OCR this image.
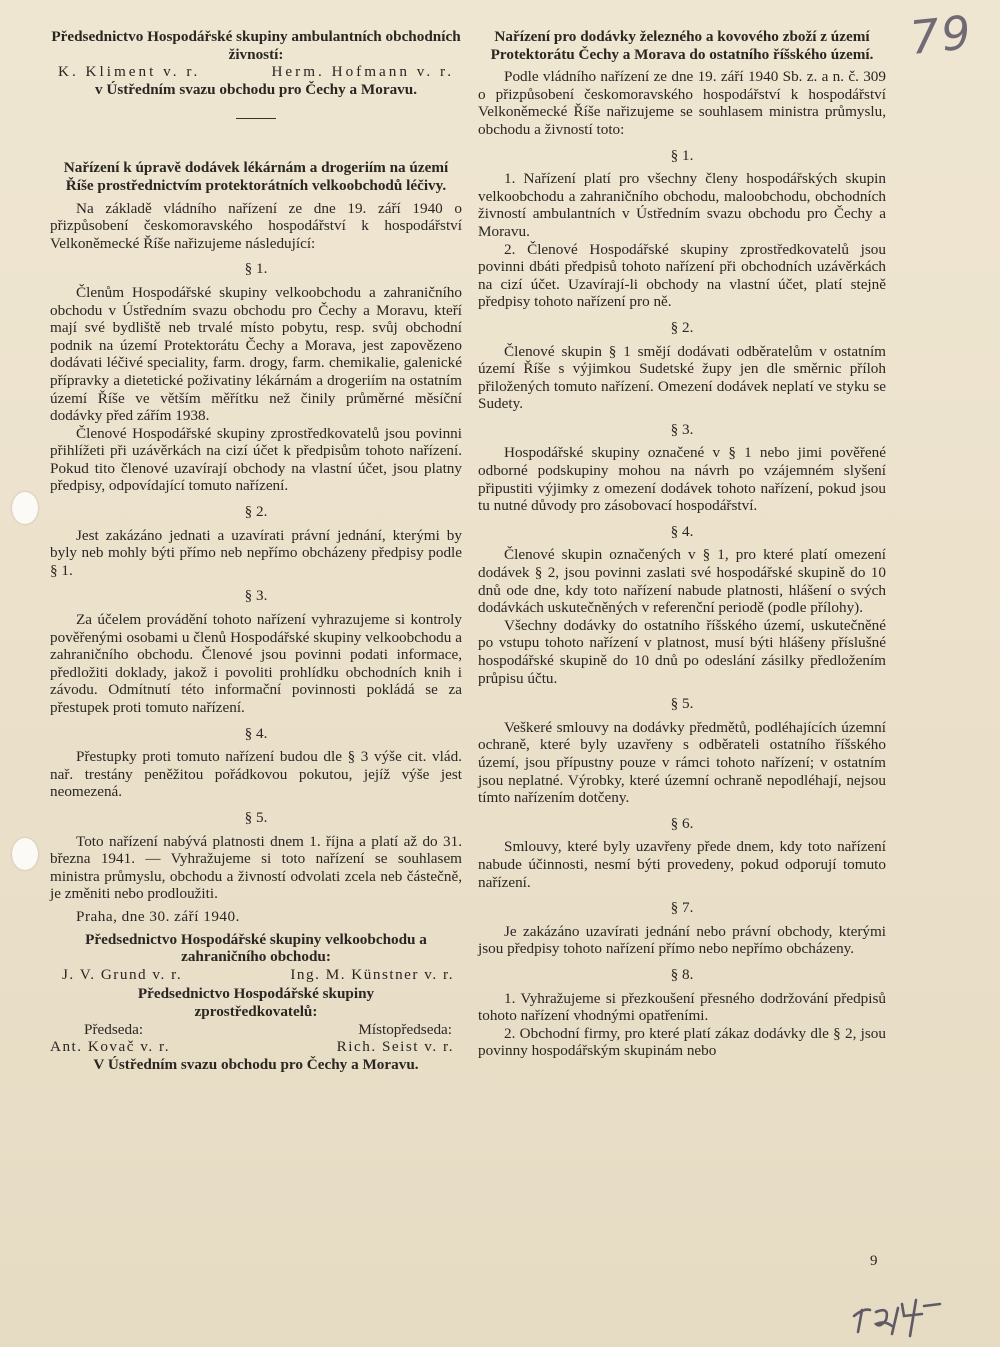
79

Předsednictvo Hospodářské skupiny ambulantních obchodních živností:

K. Kliment v. r.	Herm. Hofmann v. r.

v Ústředním svazu obchodu pro Čechy a Moravu.

Nařízení k úpravě dodávek lékárnám a drogeriím na území Říše prostřednictvím protektorátních velkoobchodů léčivy.

Na základě vládního nařízení ze dne 19. září 1940 o přizpůsobení českomoravského hospodářství k hospodářství Velkoněmecké Říše nařizujeme následující:

§ 1.

Členům Hospodářské skupiny velkoobchodu a zahraničního obchodu v Ústředním svazu obchodu pro Čechy a Moravu, kteří mají své bydliště neb trvalé místo pobytu, resp. svůj obchodní podnik na území Protektorátu Čechy a Morava, jest zapovězeno dodávati léčivé speciality, farm. drogy, farm. chemikalie, galenické přípravky a dietetické poživatiny lékárnám a drogeriím na ostatním území Říše ve větším měřítku než činily průměrné měsíční dodávky před zářím 1938.

Členové Hospodářské skupiny zprostředkovatelů jsou povinni přihlížeti při uzávěrkách na cizí účet k předpisům tohoto nařízení. Pokud tito členové uzavírají obchody na vlastní účet, jsou platny předpisy, odpovídající tomuto nařízení.

§ 2.

Jest zakázáno jednati a uzavírati právní jednání, kterými by byly neb mohly býti přímo neb nepřímo obcházeny předpisy podle § 1.

§ 3.

Za účelem provádění tohoto nařízení vyhrazujeme si kontroly pověřenými osobami u členů Hospodářské skupiny velkoobchodu a zahraničního obchodu. Členové jsou povinni podati informace, předložiti doklady, jakož i povoliti prohlídku obchodních knih i závodu. Odmítnutí této informační povinnosti pokládá se za přestupek proti tomuto nařízení.

§ 4.

Přestupky proti tomuto nařízení budou dle § 3 výše cit. vlád. nař. trestány peněžitou pořádkovou pokutou, jejíž výše jest neomezená.

§ 5.

Toto nařízení nabývá platnosti dnem 1. října a platí až do 31. března 1941. — Vyhražujeme si toto nařízení se souhlasem ministra průmyslu, obchodu a živností odvolati zcela neb částečně, je změniti nebo prodloužiti.

Praha, dne 30. září 1940.

Předsednictvo Hospodářské skupiny velkoobchodu a zahraničního obchodu:

J. V. Grund v. r.	Ing. M. Künstner v. r.

Předsednictvo Hospodářské skupiny zprostředkovatelů:

Předseda:	Místopředseda:
Ant. Kovač v. r.	Rich. Seist v. r.

V Ústředním svazu obchodu pro Čechy a Moravu.

Nařízení pro dodávky železného a kovového zboží z území Protektorátu Čechy a Morava do ostatního říšského území.

Podle vládního nařízení ze dne 19. září 1940 Sb. z. a n. č. 309 o přizpůsobení českomoravského hospodářství k hospodářství Velkoněmecké Říše nařizujeme se souhlasem ministra průmyslu, obchodu a živností toto:

§ 1.

1. Nařízení platí pro všechny členy hospodářských skupin velkoobchodu a zahraničního obchodu, maloobchodu, obchodních živností ambulantních v Ústředním svazu obchodu pro Čechy a Moravu.

2. Členové Hospodářské skupiny zprostředkovatelů jsou povinni dbáti předpisů tohoto nařízení při obchodních uzávěrkách na cizí účet. Uzavírají-li obchody na vlastní účet, platí stejně předpisy tohoto nařízení pro ně.

§ 2.

Členové skupin § 1 smějí dodávati odběratelům v ostatním území Říše s výjimkou Sudetské župy jen dle směrnic příloh přiložených tomuto nařízení. Omezení dodávek neplatí ve styku se Sudety.

§ 3.

Hospodářské skupiny označené v § 1 nebo jimi pověřené odborné podskupiny mohou na návrh po vzájemném slyšení připustiti výjimky z omezení dodávek tohoto nařízení, pokud jsou tu nutné důvody pro zásobovací hospodářství.

§ 4.

Členové skupin označených v § 1, pro které platí omezení dodávek § 2, jsou povinni zaslati své hospodářské skupině do 10 dnů ode dne, kdy toto nařízení nabude platnosti, hlášení o svých dodávkách uskutečněných v referenční periodě (podle přílohy).

Všechny dodávky do ostatního říšského území, uskutečněné po vstupu tohoto nařízení v platnost, musí býti hlášeny příslušné hospodářské skupině do 10 dnů po odeslání zásilky předložením průpisu účtu.

§ 5.

Veškeré smlouvy na dodávky předmětů, podléhajících územní ochraně, které byly uzavřeny s odběrateli ostatního říšského území, jsou přípustny pouze v rámci tohoto nařízení; v ostatním jsou neplatné. Výrobky, které územní ochraně nepodléhají, nejsou tímto nařízením dotčeny.

§ 6.

Smlouvy, které byly uzavřeny přede dnem, kdy toto nařízení nabude účinnosti, nesmí býti provedeny, pokud odporují tomuto nařízení.

§ 7.

Je zakázáno uzavírati jednání nebo právní obchody, kterými jsou předpisy tohoto nařízení přímo nebo nepřímo obcházeny.

§ 8.

1. Vyhražujeme si přezkoušení přesného dodržování předpisů tohoto nařízení vhodnými opatřeními.

2. Obchodní firmy, pro které platí zákaz dodávky dle § 2, jsou povinny hospodářským skupinám nebo

9
